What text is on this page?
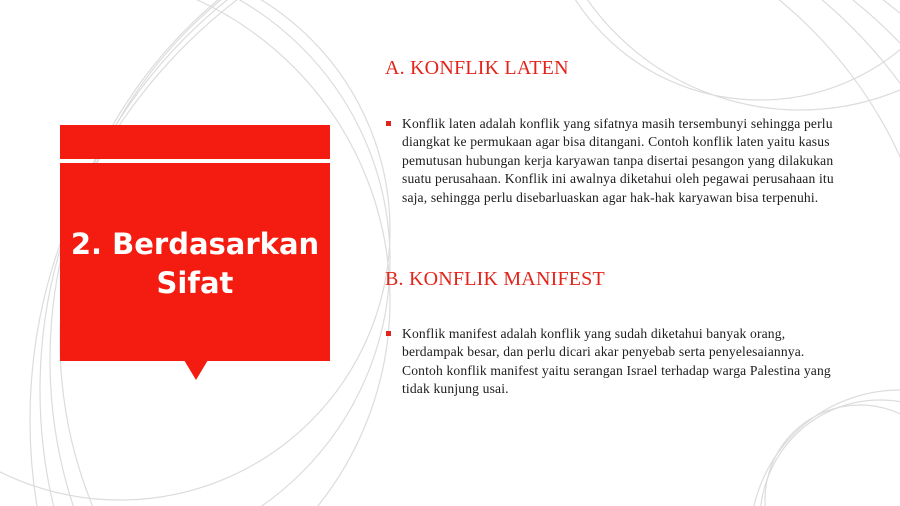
2. Berdasarkan Sifat
A. KONFLIK LATEN
Konflik laten adalah konflik yang sifatnya masih tersembunyi sehingga perlu diangkat ke permukaan agar bisa ditangani. Contoh konflik laten yaitu kasus pemutusan hubungan kerja karyawan tanpa disertai pesangon yang dilakukan suatu perusahaan. Konflik ini awalnya diketahui oleh pegawai perusahaan itu saja, sehingga perlu disebarluaskan agar hak-hak karyawan bisa terpenuhi.
B. KONFLIK MANIFEST
Konflik manifest adalah konflik yang sudah diketahui banyak orang, berdampak besar, dan perlu dicari akar penyebab serta penyelesaiannya. Contoh konflik manifest yaitu serangan Israel terhadap warga Palestina yang tidak kunjung usai.
